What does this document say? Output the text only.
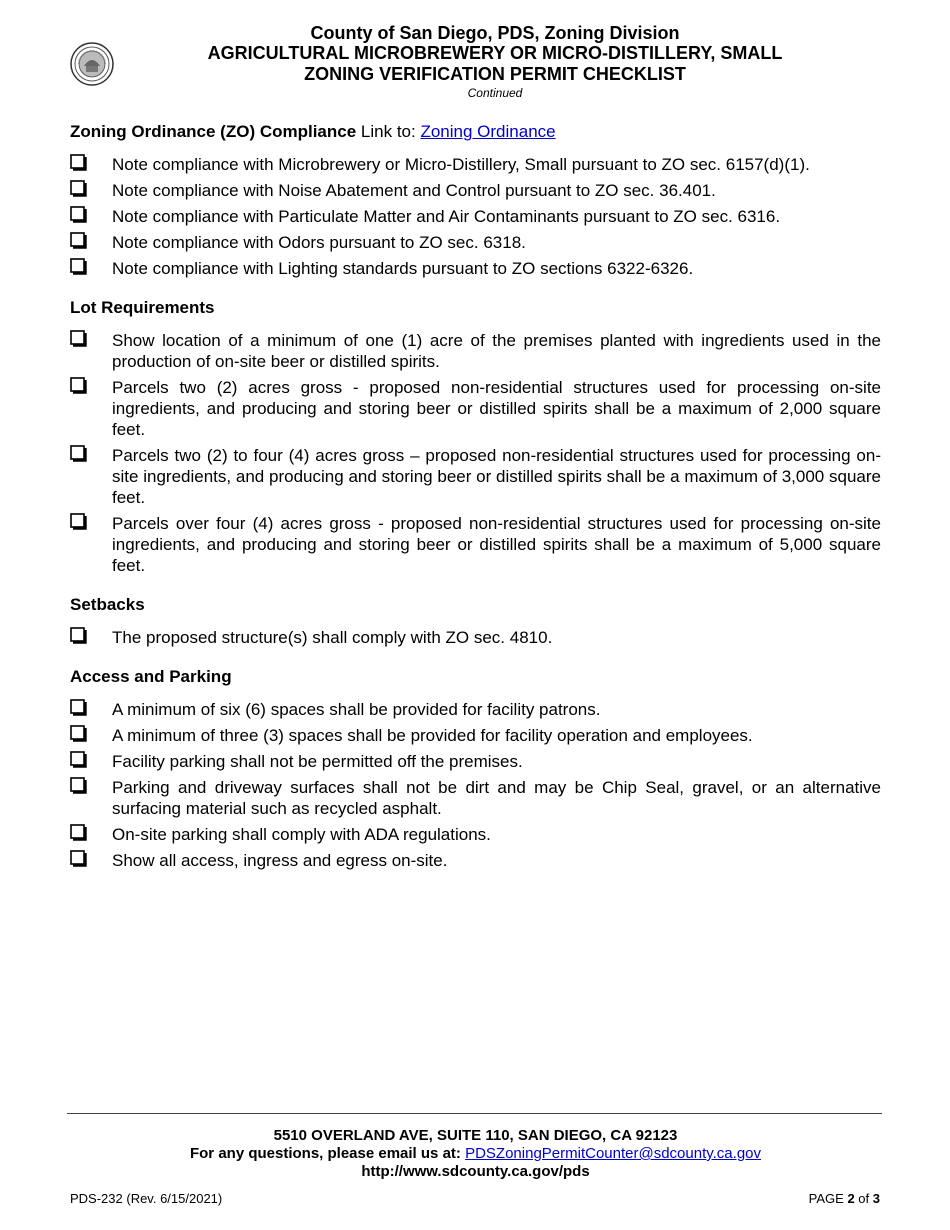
County of San Diego, PDS, Zoning Division
AGRICULTURAL MICROBREWERY OR MICRO-DISTILLERY, SMALL
ZONING VERIFICATION PERMIT CHECKLIST
Continued
Zoning Ordinance (ZO) Compliance Link to: Zoning Ordinance
Note compliance with Microbrewery or Micro-Distillery, Small pursuant to ZO sec. 6157(d)(1).
Note compliance with Noise Abatement and Control pursuant to ZO sec. 36.401.
Note compliance with Particulate Matter and Air Contaminants pursuant to ZO sec. 6316.
Note compliance with Odors pursuant to ZO sec. 6318.
Note compliance with Lighting standards pursuant to ZO sections 6322-6326.
Lot Requirements
Show location of a minimum of one (1) acre of the premises planted with ingredients used in the production of on-site beer or distilled spirits.
Parcels two (2) acres gross - proposed non-residential structures used for processing on-site ingredients, and producing and storing beer or distilled spirits shall be a maximum of 2,000 square feet.
Parcels two (2) to four (4) acres gross – proposed non-residential structures used for processing on-site ingredients, and producing and storing beer or distilled spirits shall be a maximum of 3,000 square feet.
Parcels over four (4) acres gross - proposed non-residential structures used for processing on-site ingredients, and producing and storing beer or distilled spirits shall be a maximum of 5,000 square feet.
Setbacks
The proposed structure(s) shall comply with ZO sec. 4810.
Access and Parking
A minimum of six (6) spaces shall be provided for facility patrons.
A minimum of three (3) spaces shall be provided for facility operation and employees.
Facility parking shall not be permitted off the premises.
Parking and driveway surfaces shall not be dirt and may be Chip Seal, gravel, or an alternative surfacing material such as recycled asphalt.
On-site parking shall comply with ADA regulations.
Show all access, ingress and egress on-site.
5510 OVERLAND AVE, SUITE 110, SAN DIEGO, CA 92123
For any questions, please email us at: PDSZoningPermitCounter@sdcounty.ca.gov
http://www.sdcounty.ca.gov/pds
PDS-232 (Rev. 6/15/2021)	PAGE 2 of 3
